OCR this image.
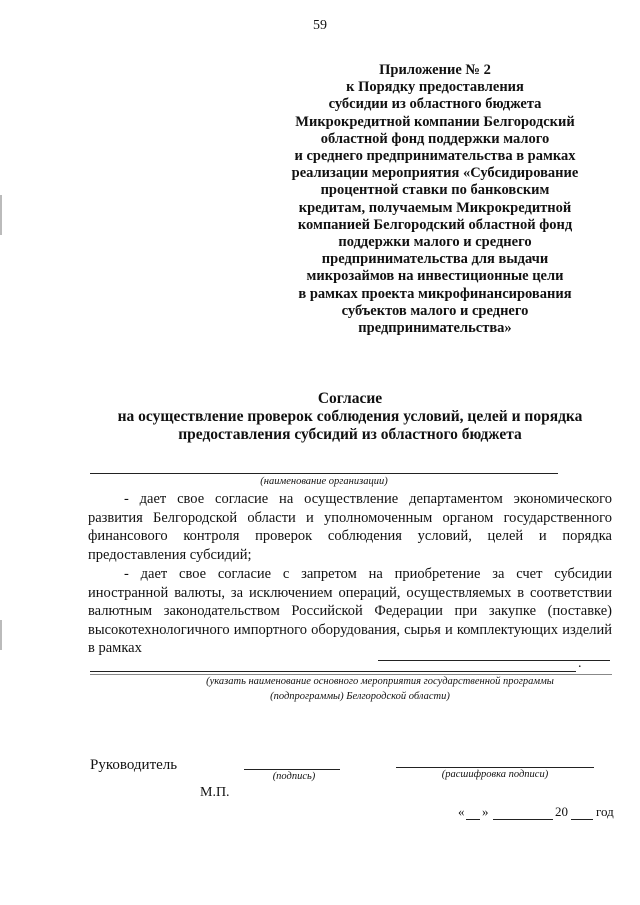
59
Приложение № 2
к Порядку предоставления
субсидии из областного бюджета
Микрокредитной компании Белгородский
областной фонд поддержки малого
и среднего предпринимательства в рамках
реализации мероприятия «Субсидирование
процентной ставки по банковским
кредитам, получаемым Микрокредитной
компанией Белгородский областной фонд
поддержки малого и среднего
предпринимательства для выдачи
микрозаймов на инвестиционные цели
в рамках проекта микрофинансирования
субъектов малого и среднего
предпринимательства»
Согласие
на осуществление проверок соблюдения условий, целей и порядка
предоставления субсидий из областного бюджета
(наименование организации)
- дает свое согласие на осуществление департаментом экономического развития Белгородской области и уполномоченным органом государственного финансового контроля проверок соблюдения условий, целей и порядка предоставления субсидий;
- дает свое согласие с запретом на приобретение за счет субсидии иностранной валюты, за исключением операций, осуществляемых в соответствии валютным законодательством Российской Федерации при закупке (поставке) высокотехнологичного импортного оборудования, сырья и комплектующих изделий в рамках
.
(указать наименование основного мероприятия государственной программы
(подпрограммы) Белгородской области)
Руководитель
(подпись)	(расшифровка подписи)
М.П.
« »	20 год
